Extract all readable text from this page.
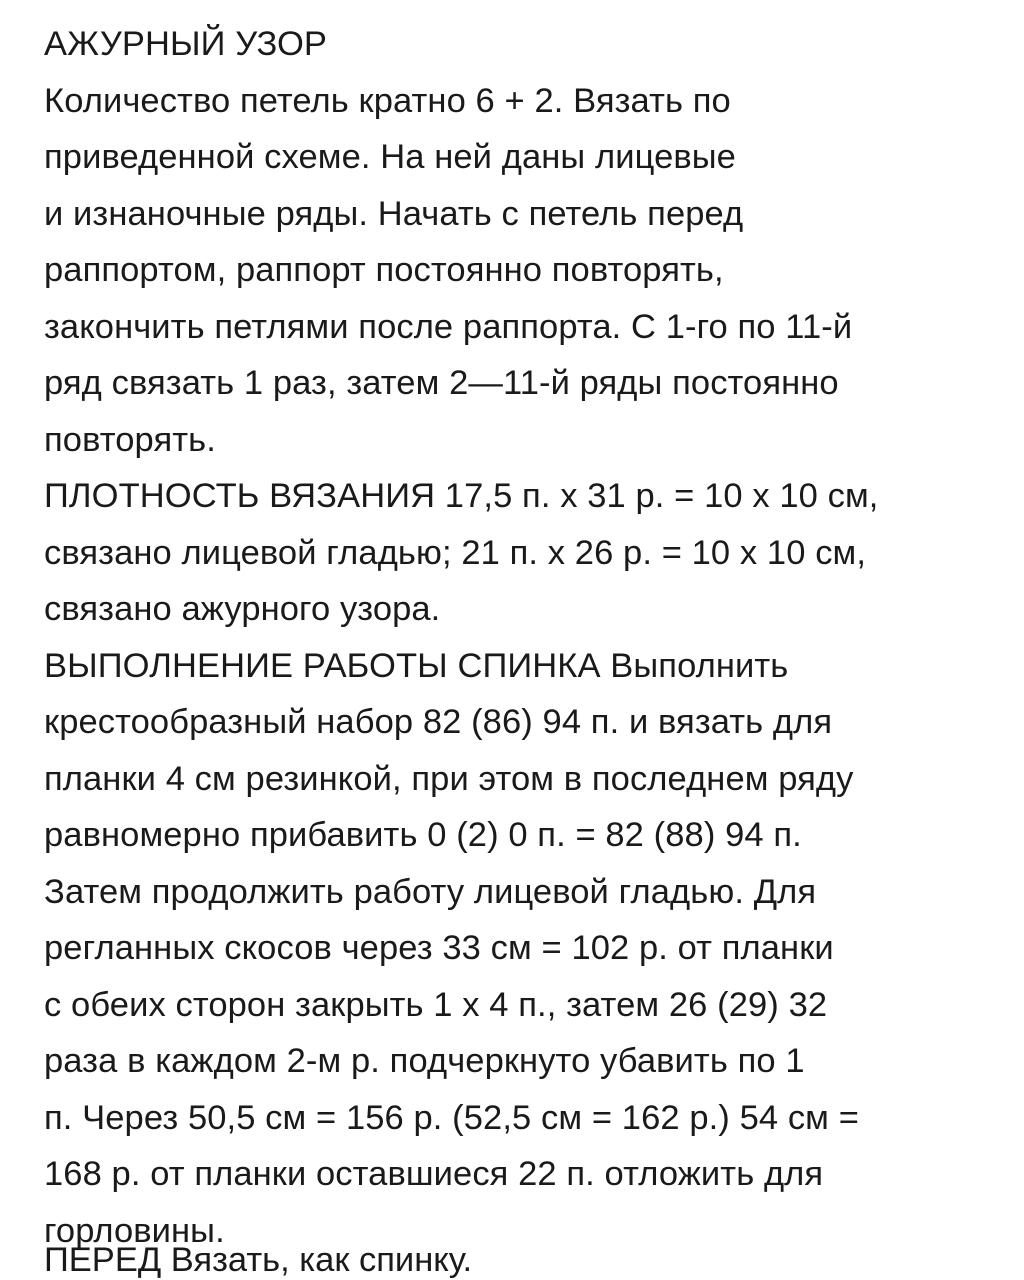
АЖУРНЫЙ УЗОР
Количество петель кратно 6 + 2. Вязать по
приведенной схеме. На ней даны лицевые
и изнаночные ряды. Начать с петель перед
раппортом, раппорт постоянно повторять,
закончить петлями после раппорта. С 1-го по 11-й
ряд связать 1 раз, затем 2—11-й ряды постоянно
повторять.
ПЛОТНОСТЬ ВЯЗАНИЯ 17,5 п. х 31 р. = 10 х 10 см,
связано лицевой гладью; 21 п. х 26 р. = 10 х 10 см,
связано ажурного узора.
ВЫПОЛНЕНИЕ РАБОТЫ СПИНКА Выполнить
крестообразный набор 82 (86) 94 п. и вязать для
планки 4 см резинкой, при этом в последнем ряду
равномерно прибавить 0 (2) 0 п. = 82 (88) 94 п.
Затем продолжить работу лицевой гладью. Для
регланных скосов через 33 см = 102 р. от планки
с обеих сторон закрыть 1 х 4 п., затем 26 (29) 32
раза в каждом 2-м р. подчеркнуто убавить по 1
п. Через 50,5 см = 156 р. (52,5 см = 162 р.) 54 см =
168 р. от планки оставшиеся 22 п. отложить для
горловины.
ПЕРЕД Вязать, как спинку.
